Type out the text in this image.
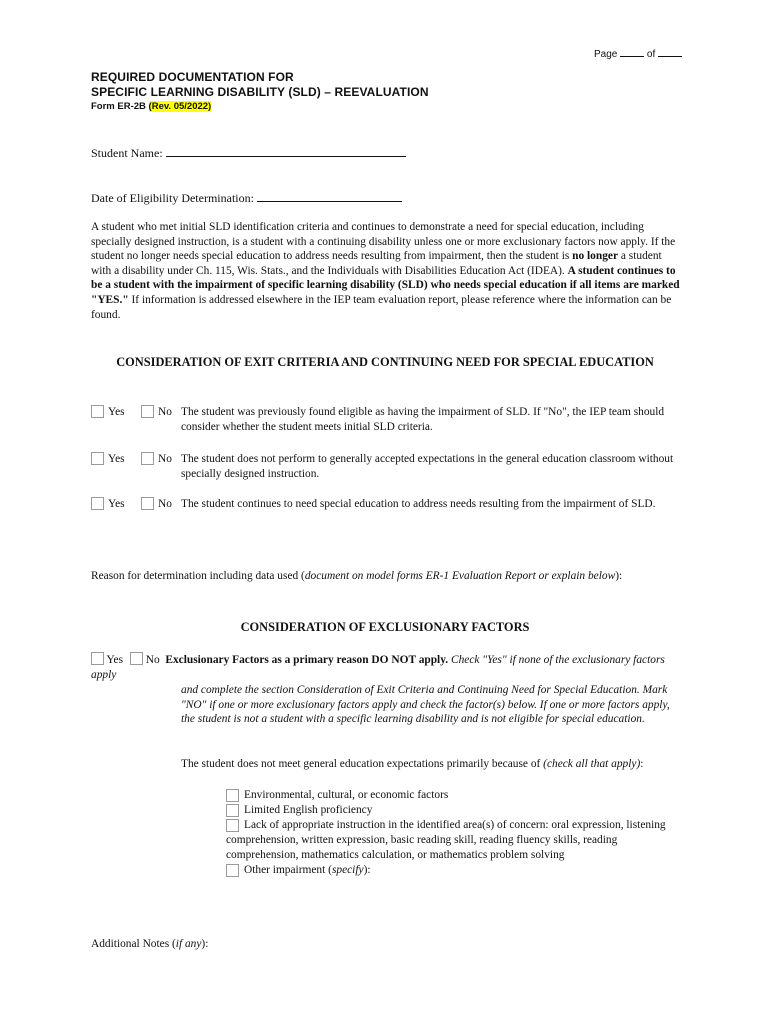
Page	of
REQUIRED DOCUMENTATION FOR
SPECIFIC LEARNING DISABILITY (SLD) – REEVALUATION
Form ER-2B (Rev. 05/2022)
Student Name:
Date of Eligibility Determination:
A student who met initial SLD identification criteria and continues to demonstrate a need for special education, including specially designed instruction, is a student with a continuing disability unless one or more exclusionary factors now apply. If the student no longer needs special education to address needs resulting from impairment, then the student is no longer a student with a disability under Ch. 115, Wis. Stats., and the Individuals with Disabilities Education Act (IDEA). A student continues to be a student with the impairment of specific learning disability (SLD) who needs special education if all items are marked "YES." If information is addressed elsewhere in the IEP team evaluation report, please reference where the information can be found.
CONSIDERATION OF EXIT CRITERIA AND CONTINUING NEED FOR SPECIAL EDUCATION
Yes	No The student was previously found eligible as having the impairment of SLD. If "No", the IEP team should consider whether the student meets initial SLD criteria.
Yes	No The student does not perform to generally accepted expectations in the general education classroom without specially designed instruction.
Yes	No The student continues to need special education to address needs resulting from the impairment of SLD.
Reason for determination including data used (document on model forms ER-1 Evaluation Report or explain below):
CONSIDERATION OF EXCLUSIONARY FACTORS
Yes No Exclusionary Factors as a primary reason DO NOT apply. Check "Yes" if none of the exclusionary factors apply
and complete the section Consideration of Exit Criteria and Continuing Need for Special Education. Mark "NO" if one or more exclusionary factors apply and check the factor(s) below. If one or more factors apply, the student is not a student with a specific learning disability and is not eligible for special education.
The student does not meet general education expectations primarily because of (check all that apply):
Environmental, cultural, or economic factors
Limited English proficiency
Lack of appropriate instruction in the identified area(s) of concern: oral expression, listening comprehension, written expression, basic reading skill, reading fluency skills, reading comprehension, mathematics calculation, or mathematics problem solving
Other impairment (specify):
Additional Notes (if any):
